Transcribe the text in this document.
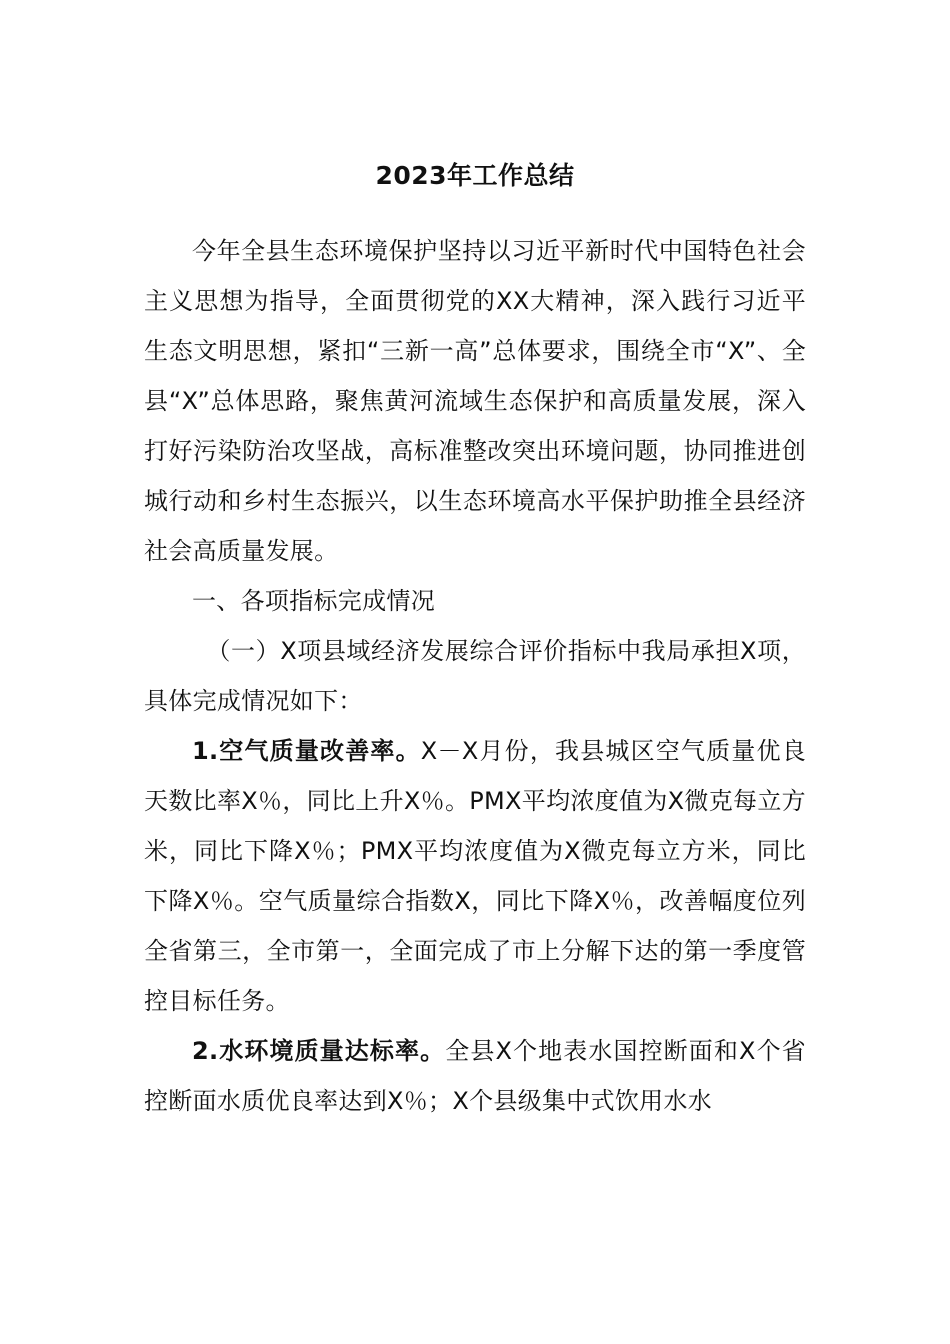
2023年工作总结

今年全县生态环境保护坚持以习近平新时代中国特色社会主义思想为指导，全面贯彻党的XX大精神，深入践行习近平生态文明思想，紧扣“三新一高”总体要求，围绕全市“X”、全县“X”总体思路，聚焦黄河流域生态保护和高质量发展，深入打好污染防治攻坚战，高标准整改突出环境问题，协同推进创城行动和乡村生态振兴，以生态环境高水平保护助推全县经济社会高质量发展。

一、各项指标完成情况

（一）X项县域经济发展综合评价指标中我局承担X项，具体完成情况如下：

1.空气质量改善率。X－X月份，我县城区空气质量优良天数比率X％，同比上升X％。PMX平均浓度值为X微克每立方米，同比下降X％；PMX平均浓度值为X微克每立方米，同比下降X％。空气质量综合指数X，同比下降X％，改善幅度位列全省第三，全市第一，全面完成了市上分解下达的第一季度管控目标任务。

2.水环境质量达标率。全县X个地表水国控断面和X个省控断面水质优良率达到X％；X个县级集中式饮用水水
